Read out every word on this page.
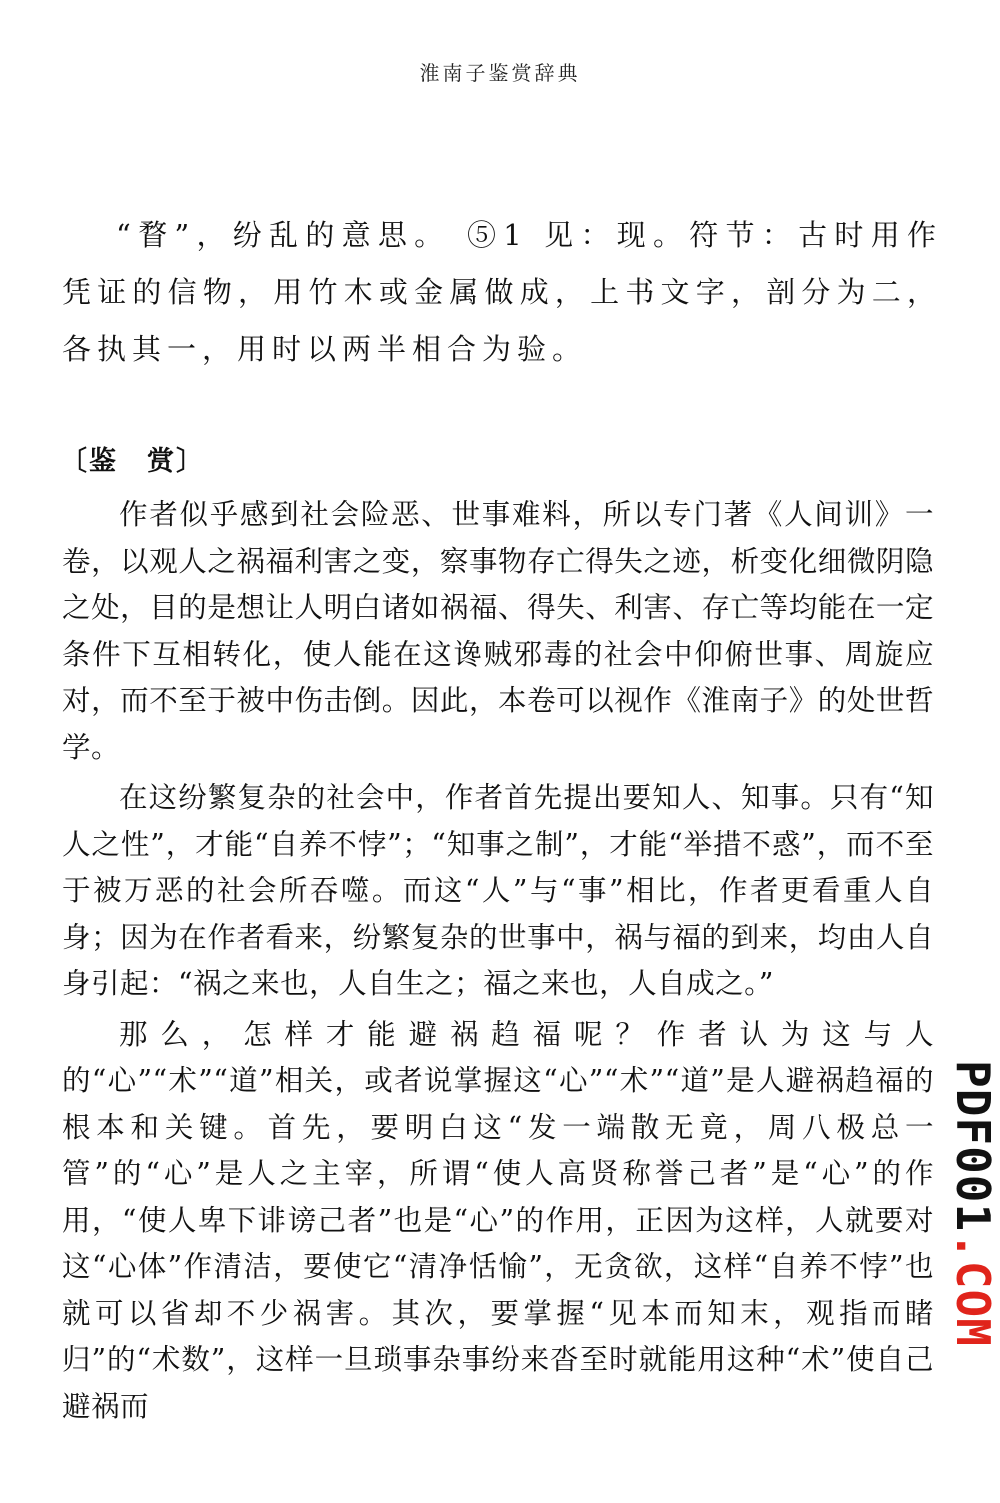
淮南子鉴赏辞典
“瞀”，纷乱的意思。 ⑤1 见：现。符节：古时用作凭证的信物，用竹木或金属做成，上书文字，剖分为二，各执其一，用时以两半相合为验。
〔鉴　赏〕

作者似乎感到社会险恶、世事难料，所以专门著《人间训》一卷，以观人之祸福利害之变，察事物存亡得失之迹，析变化细微阴隐之处，目的是想让人明白诸如祸福、得失、利害、存亡等均能在一定条件下互相转化，使人能在这谗贼邪毒的社会中仰俯世事、周旋应对，而不至于被中伤击倒。因此，本卷可以视作《淮南子》的处世哲学。

在这纷繁复杂的社会中，作者首先提出要知人、知事。只有“知人之性”，才能“自养不悖”；“知事之制”，才能“举措不惑”，而不至于被万恶的社会所吞噬。而这“人”与“事”相比，作者更看重人自身；因为在作者看来，纷繁复杂的世事中，祸与福的到来，均由人自身引起：“祸之来也，人自生之；福之来也，人自成之。”

那么，怎样才能避祸趋福呢？作者认为这与人的“心”“术”“道”相关，或者说掌握这“心”“术”“道”是人避祸趋福的根本和关键。首先，要明白这“发一端散无竟，周八极总一管”的“心”是人之主宰，所谓“使人高贤称誉己者”是“心”的作用，“使人卑下诽谤己者”也是“心”的作用，正因为这样，人就要对这“心体”作清洁，要使它“清净恬愉”，无贪欲，这样“自养不悖”也就可以省却不少祸害。其次，要掌握“见本而知末，观指而睹归”的“术数”，这样一旦琐事杂事纷来沓至时就能用这种“术”使自己避祸而

PDF001.COM
